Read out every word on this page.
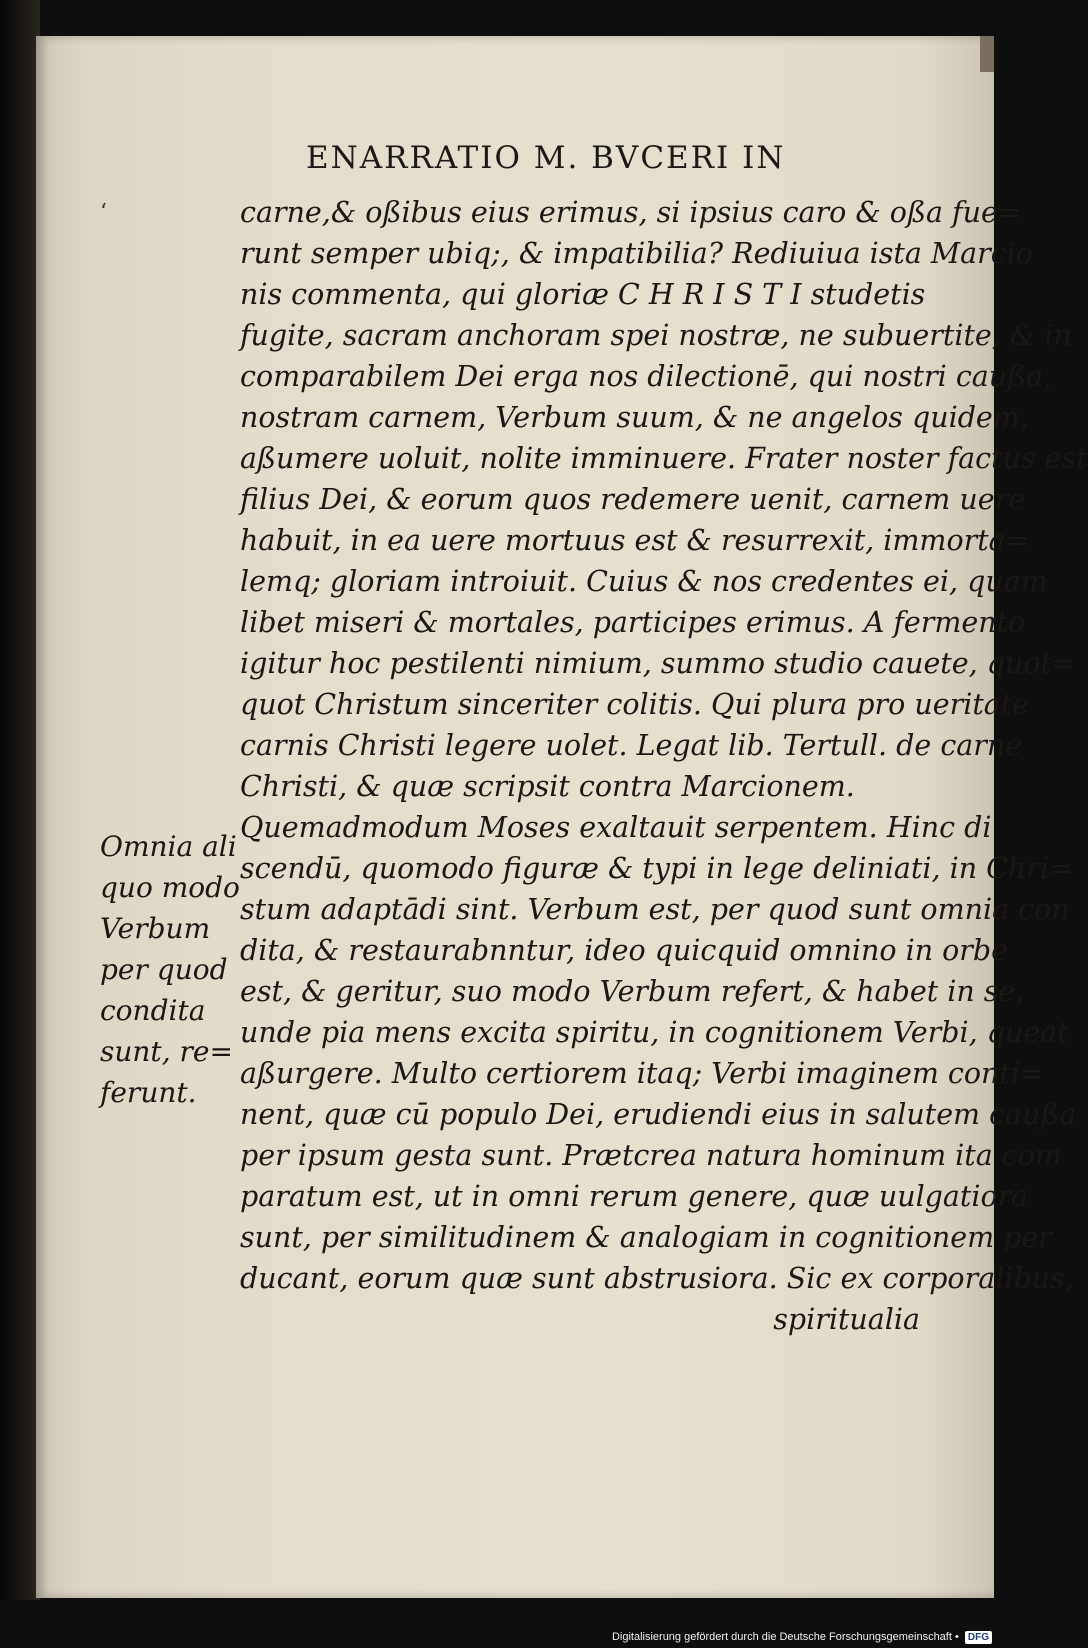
ENARRATIO M. BVCERI IN
ʻ	carne,& oßibus eius erimus, si ipsius caro & oßa fue=
runt semper ubiq;, & impatibilia? Rediuiua ista Marcio
nis commenta, qui gloriæ C H R I S T I studetis
fugite, sacram anchoram spei nostræ, ne subuertite, & in
comparabilem Dei erga nos dilectionē, qui nostri caußa,
nostram carnem, Verbum suum, & ne angelos quidem,
aßumere uoluit, nolite imminuere. Frater noster factus est
filius Dei, & eorum quos redemere uenit, carnem uere
habuit, in ea uere mortuus est & resurrexit, immorta=
lemq; gloriam introiuit. Cuius & nos credentes ei, quam
libet miseri & mortales, participes erimus. A fermento
igitur hoc pestilenti nimium, summo studio cauete, quot=
quot Christum sinceriter colitis. Qui plura pro ueritate
carnis Christi legere uolet. Legat lib. Tertull. de carne
Christi, & quæ scripsit contra Marcionem.
Quemadmodum Moses exaltauit serpentem. Hinc di
scendū, quomodo figuræ & typi in lege deliniati, in Chri=
stum adaptādi sint. Verbum est, per quod sunt omnia con
dita, & restaurabnntur, ideo quicquid omnino in orbe
est, & geritur, suo modo Verbum refert, & habet in se,
unde pia mens excita spiritu, in cognitionem Verbi, queat
aßurgere. Multo certiorem itaq; Verbi imaginem conti=
nent, quæ cū populo Dei, erudiendi eius in salutem caußa
per ipsum gesta sunt. Prætcrea natura hominum ita com
paratum est, ut in omni rerum genere, quæ uulgatiora
sunt, per similitudinem & analogiam in cognitionem per
ducant, eorum quæ sunt abstrusiora. Sic ex corporalibus,
spiritualia
Omnia ali
quo modo
Verbum
per quod
condita
sunt, re=
ferunt.
Digitalisierung gefördert durch die Deutsche Forschungsgemeinschaft • DFG
